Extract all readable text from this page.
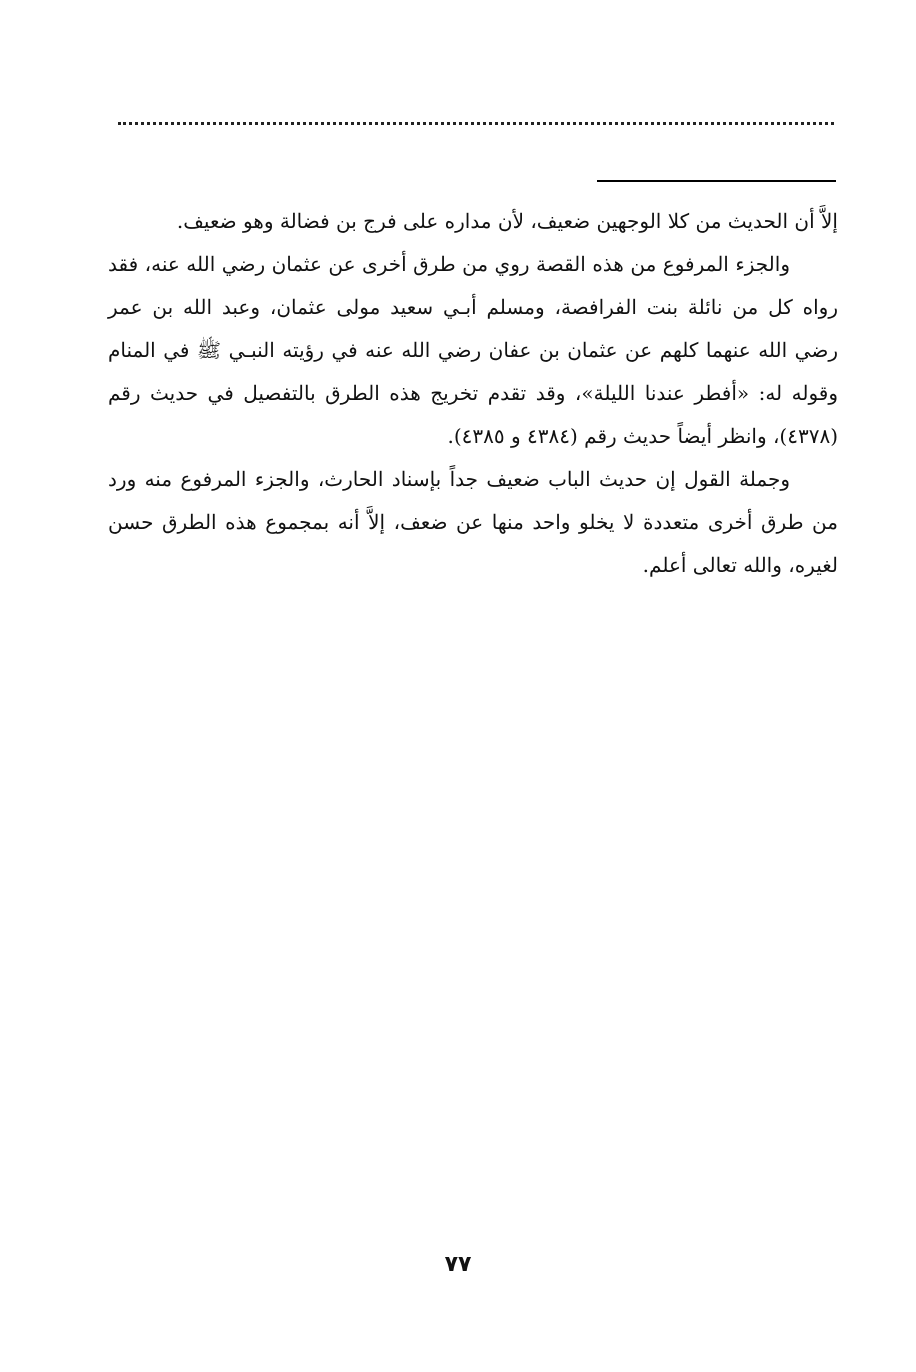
إلاَّ أن الحديث من كلا الوجهين ضعيف، لأن مداره على فرج بن فضالة وهو ضعيف.

والجزء المرفوع من هذه القصة روي من طرق أخرى عن عثمان رضي الله عنه، فقد رواه كل من نائلة بنت الفرافصة، ومسلم أبـي سعيد مولى عثمان، وعبد الله بن عمر رضي الله عنهما كلهم عن عثمان بن عفان رضي الله عنه في رؤيته النبـي ﷺ في المنام وقوله له: «أفطر عندنا الليلة»، وقد تقدم تخريج هذه الطرق بالتفصيل في حديث رقم (٤٣٧٨)، وانظر أيضاً حديث رقم (٤٣٨٤ و ٤٣٨٥).

وجملة القول إن حديث الباب ضعيف جداً بإسناد الحارث، والجزء المرفوع منه ورد من طرق أخرى متعددة لا يخلو واحد منها عن ضعف، إلاَّ أنه بمجموع هذه الطرق حسن لغيره، والله تعالى أعلم.

٧٧
